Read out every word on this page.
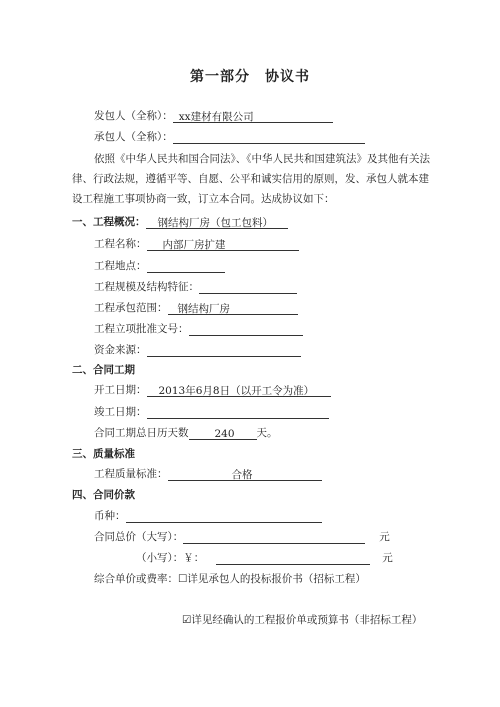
第一部分　协议书
发包人（全称）： xx建材有限公司
承包人（全称）：
依照《中华人民共和国合同法》、《中华人民共和国建筑法》及其他有关法律、行政法规，遵循平等、自愿、公平和诚实信用的原则，发、承包人就本建设工程施工事项协商一致，订立本合同。达成协议如下：
一、工程概况： 钢结构厂房（包工包料）
工程名称： 内部厂房扩建
工程地点：
工程规模及结构特征：
工程承包范围： 钢结构厂房
工程立项批准文号：
资金来源：
二、合同工期
开工日期： 2013年6月8日（以开工令为准）
竣工日期：
合同工期总日历天数 240 天。
三、质量标准
工程质量标准：	合格
四、合同价款
币种：
合同总价（大写）：	元
（小写）：￥：	元
综合单价或费率：☐详见承包人的投标报价书（招标工程）
☑详见经确认的工程报价单或预算书（非招标工程）
